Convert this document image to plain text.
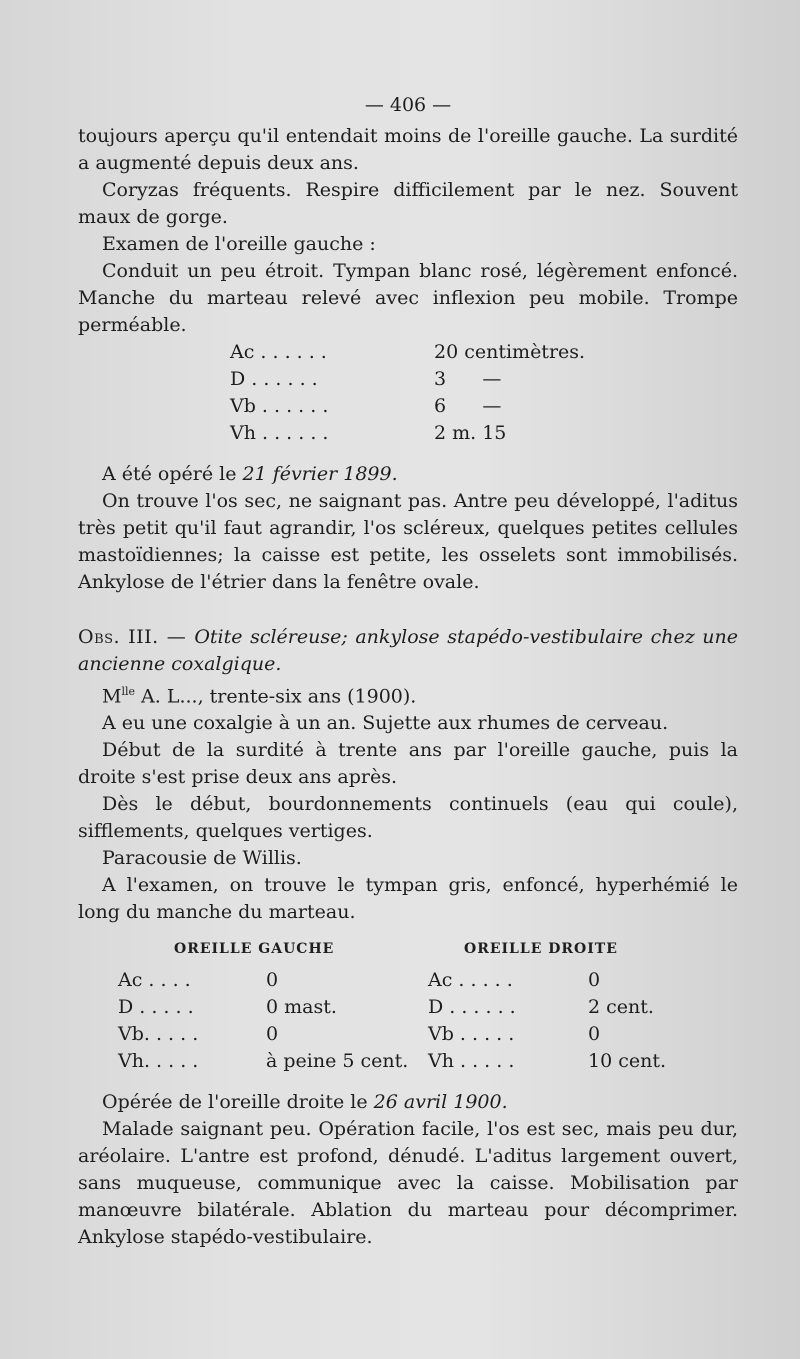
— 406 —

toujours aperçu qu'il entendait moins de l'oreille gauche. La surdité a augmenté depuis deux ans.

Coryzas fréquents. Respire difficilement par le nez. Souvent maux de gorge.

Examen de l'oreille gauche :

Conduit un peu étroit. Tympan blanc rosé, légèrement enfoncé. Manche du marteau relevé avec inflexion peu mobile. Trompe perméable.

Ac . . .	20 centimètres.
D . . .	3      —
Vb . . .	6      —
Vh . . .	2 m. 15

A été opéré le 21 février 1899.

On trouve l'os sec, ne saignant pas. Antre peu développé, l'aditus très petit qu'il faut agrandir, l'os scléreux, quelques petites cellules mastoïdiennes; la caisse est petite, les osselets sont immobilisés. Ankylose de l'étrier dans la fenêtre ovale.

Obs. III. — Otite scléreuse; ankylose stapédo-vestibulaire chez une ancienne coxalgique.

$M^{lle}$ A. L..., trente-six ans (1900).

A eu une coxalgie à un an. Sujette aux rhumes de cerveau.

Début de la surdité à trente ans par l'oreille gauche, puis la droite s'est prise deux ans après.

Dès le début, bourdonnements continuels (eau qui coule), sifflements, quelques vertiges.

Paracousie de Willis.

A l'examen, on trouve le tympan gris, enfoncé, hyperhémié le long du manche du marteau.

OREILLE GAUCHE
Ac . . . .	0
D . . . . .	0 mast.
Vb. . . . .	0
Vh. . . . .	à peine 5 cent.
OREILLE DROITE
Ac . . . . .	0
D . . . . . .	2 cent.
Vb . . . . .	0
Vh . . . . .	10 cent.

Opérée de l'oreille droite le 26 avril 1900.

Malade saignant peu. Opération facile, l'os est sec, mais peu dur, aréolaire. L'antre est profond, dénudé. L'aditus largement ouvert, sans muqueuse, communique avec la caisse. Mobilisation par manœuvre bilatérale. Ablation du marteau pour décomprimer. Ankylose stapédo-vestibulaire.
